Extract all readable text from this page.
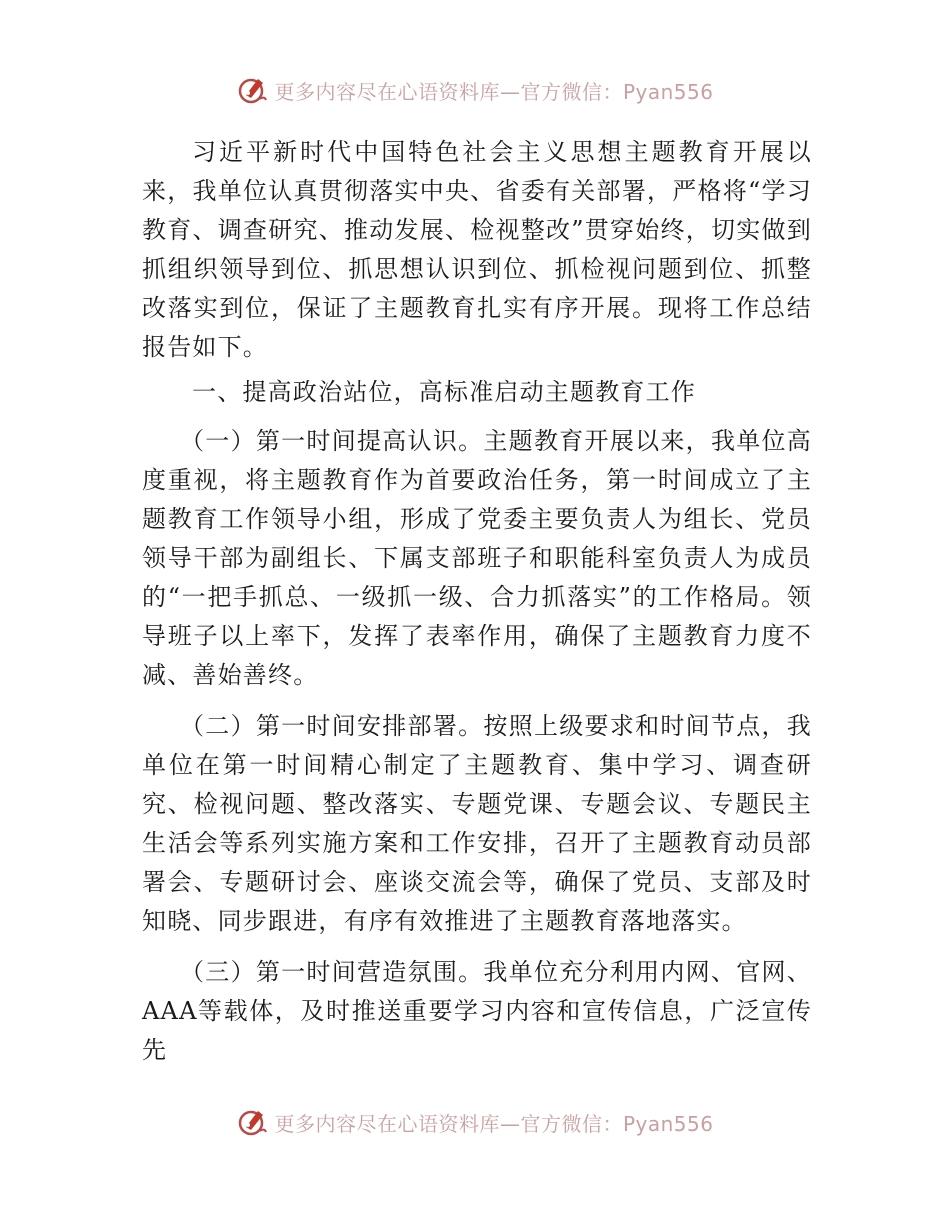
更多内容尽在心语资料库—官方微信：Pyan556

习近平新时代中国特色社会主义思想主题教育开展以来，我单位认真贯彻落实中央、省委有关部署，严格将“学习教育、调查研究、推动发展、检视整改”贯穿始终，切实做到抓组织领导到位、抓思想认识到位、抓检视问题到位、抓整改落实到位，保证了主题教育扎实有序开展。现将工作总结报告如下。

一、提高政治站位，高标准启动主题教育工作

（一）第一时间提高认识。主题教育开展以来，我单位高度重视，将主题教育作为首要政治任务，第一时间成立了主题教育工作领导小组，形成了党委主要负责人为组长、党员领导干部为副组长、下属支部班子和职能科室负责人为成员的“一把手抓总、一级抓一级、合力抓落实”的工作格局。领导班子以上率下，发挥了表率作用，确保了主题教育力度不减、善始善终。

（二）第一时间安排部署。按照上级要求和时间节点，我单位在第一时间精心制定了主题教育、集中学习、调查研究、检视问题、整改落实、专题党课、专题会议、专题民主生活会等系列实施方案和工作安排，召开了主题教育动员部署会、专题研讨会、座谈交流会等，确保了党员、支部及时知晓、同步跟进，有序有效推进了主题教育落地落实。

（三）第一时间营造氛围。我单位充分利用内网、官网、AAA等载体，及时推送重要学习内容和宣传信息，广泛宣传先

更多内容尽在心语资料库—官方微信：Pyan556
